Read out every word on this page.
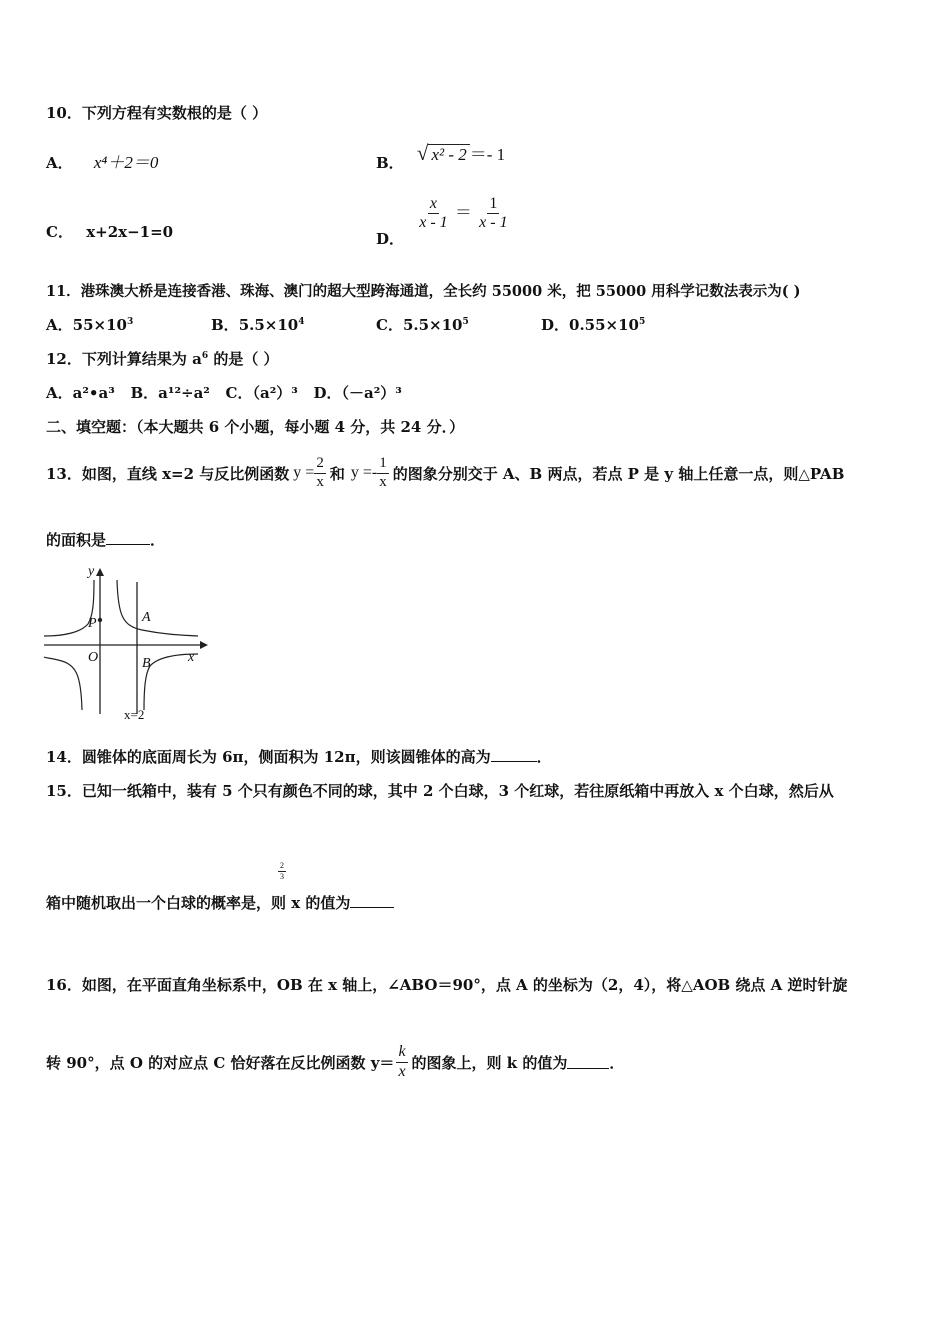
10．下列方程有实数根的是（ ）
A． x⁴＋2＝0	B． √ x² - 2 ＝- 1
C． x+2x−1=0	D．
$\frac{x}{x - 1} = \frac{1}{x - 1}$
11．港珠澳大桥是连接香港、珠海、澳门的超大型跨海通道，全长约 55000 米，把 55000 用科学记数法表示为( )
A．$55\times 10^3$	B．$5.5\times 10^4$	C．$5.5\times 10^5$	D．$0.55\times 10^5$
12．下列计算结果为 $a^6$ 的是（ ）
A．a²•a³   B．a¹²÷a²   C．（a²）³   D．（－a²）³
二、填空题：（本大题共 6 个小题，每小题 4 分，共 24 分．）
13．如图，直线 x=2 与反比例函数 $y = \frac{2}{x}$ 和 $y =- \frac{1}{x}$ 的图象分别交于 A、B 两点，若点 P 是 y 轴上任意一点，则△PAB
的面积是	．
y
x
O
P	A
B
x=2
14．圆锥体的底面周长为 6π，侧面积为 12π，则该圆锥体的高为	．
15．已知一纸箱中，装有 5 个只有颜色不同的球，其中 2 个白球，3 个红球，若往原纸箱中再放入 x 个白球，然后从
$\frac{2}{3}$
箱中随机取出一个白球的概率是，则 x 的值为
16．如图，在平面直角坐标系中，OB 在 x 轴上，∠ABO＝90°，点 A 的坐标为（2，4），将△AOB 绕点 A 逆时针旋
转 90°，点 O 的对应点 C 恰好落在反比例函数 $y= \frac{k}{x}$ 的图象上，则 k 的值为	．
